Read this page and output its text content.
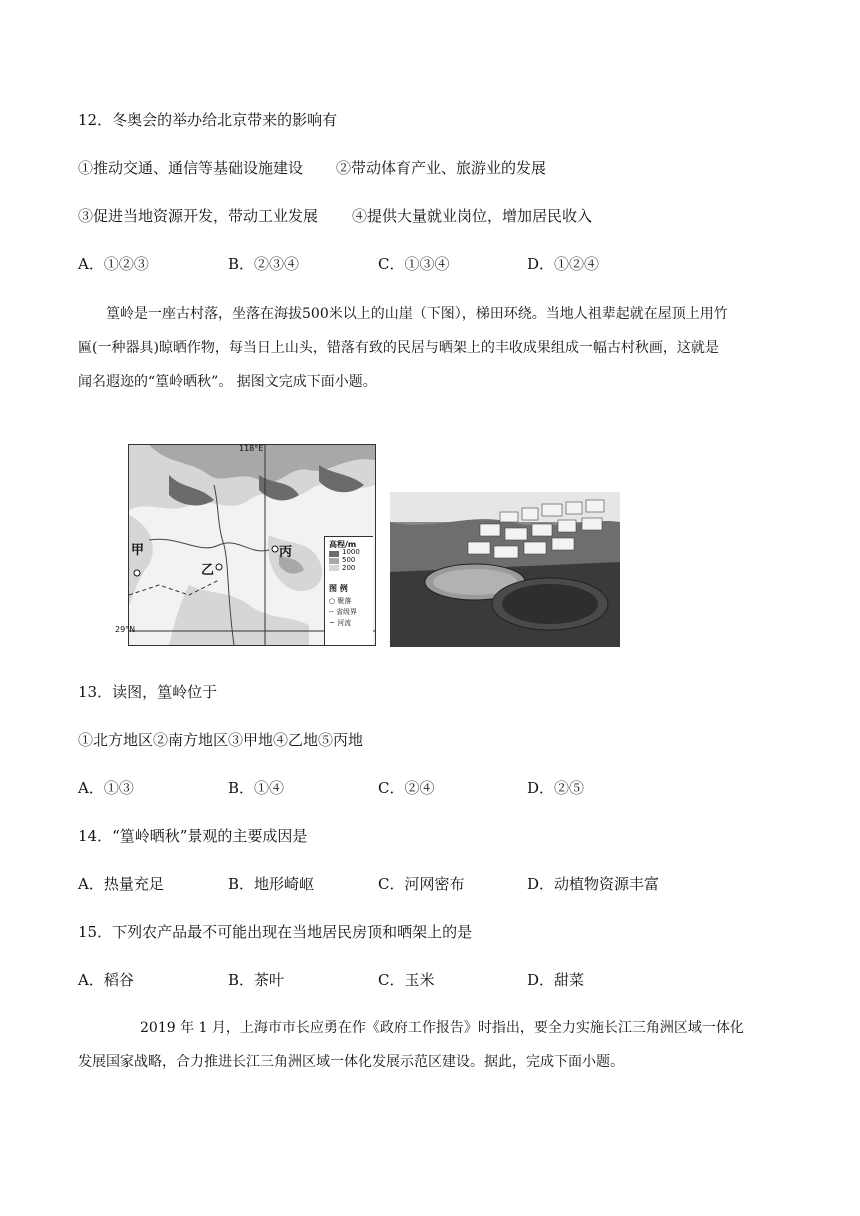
12．冬奥会的举办给北京带来的影响有
①推动交通、通信等基础设施建设 ②带动体育产业、旅游业的发展
③促进当地资源开发，带动工业发展 ④提供大量就业岗位，增加居民收入
A．①②③	B．②③④	C．①③④	D．①②④
篁岭是一座古村落，坐落在海拔500米以上的山崖（下图），梯田环绕。当地人祖辈起就在屋顶上用竹
匾(一种器具)晾晒作物，每当日上山头，错落有致的民居与晒架上的丰收成果组成一幅古村秋画，这就是
闻名遐迩的“篁岭晒秋”。 据图文完成下面小题。
118°E
29°N
甲
乙
丙
高程/m
1000
500
200
图 例
○ 聚落
-- 省级界
~ 河流
13．读图，篁岭位于
①北方地区②南方地区③甲地④乙地⑤丙地
A．①③	B．①④	C．②④	D．②⑤
14．“篁岭晒秋”景观的主要成因是
A．热量充足	B．地形崎岖	C．河网密布	D．动植物资源丰富
15．下列农产品最不可能出现在当地居民房顶和晒架上的是
A．稻谷	B．茶叶	C．玉米	D．甜菜
2019 年 1 月，上海市市长应勇在作《政府工作报告》时指出，要全力实施长江三角洲区域一体化
发展国家战略，合力推进长江三角洲区域一体化发展示范区建设。据此，完成下面小题。
